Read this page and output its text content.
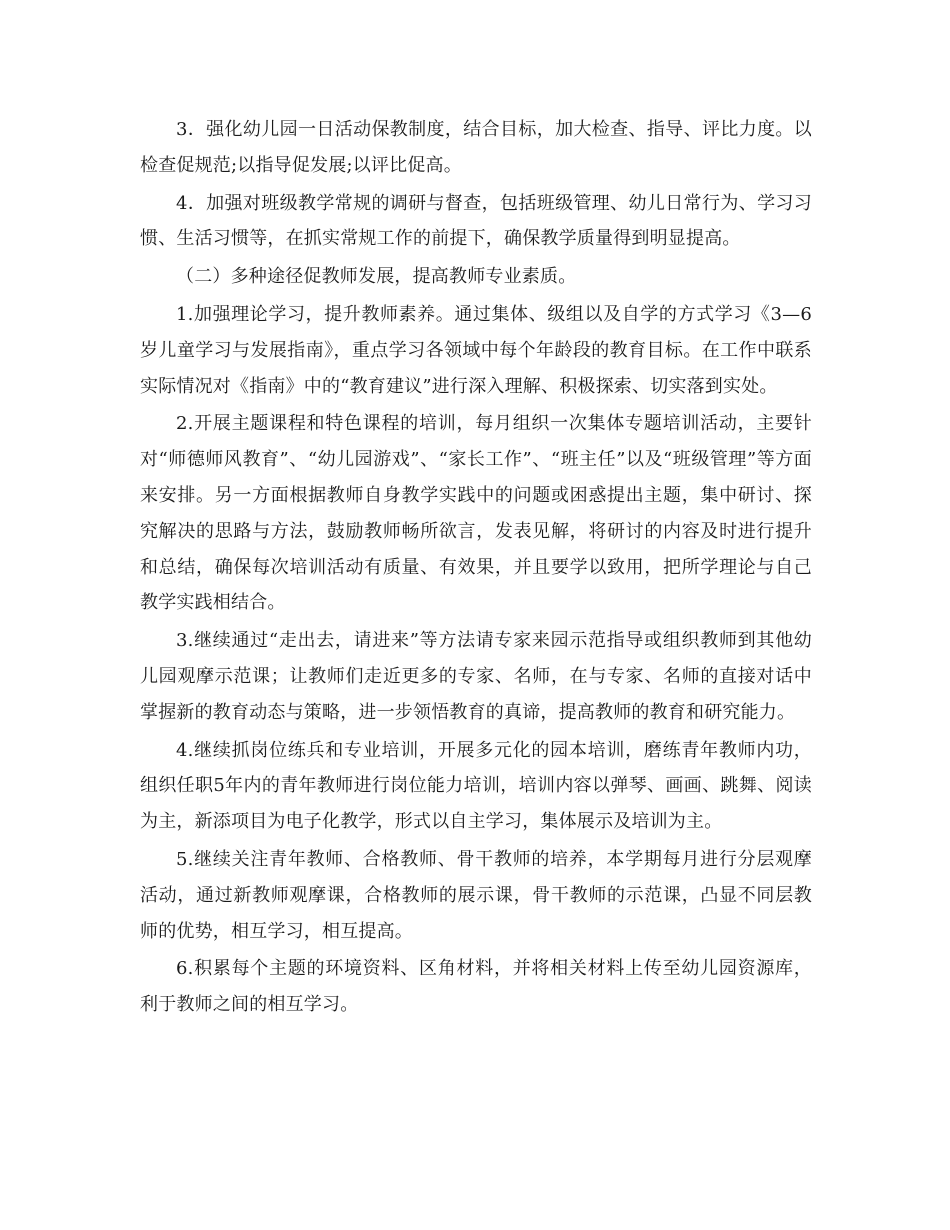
3．强化幼儿园一日活动保教制度，结合目标，加大检查、指导、评比力度。以检查促规范;以指导促发展;以评比促高。

4．加强对班级教学常规的调研与督查，包括班级管理、幼儿日常行为、学习习惯、生活习惯等，在抓实常规工作的前提下，确保教学质量得到明显提高。

（二）多种途径促教师发展，提高教师专业素质。

1.加强理论学习，提升教师素养。通过集体、级组以及自学的方式学习《3—6岁儿童学习与发展指南》，重点学习各领域中每个年龄段的教育目标。在工作中联系实际情况对《指南》中的“教育建议”进行深入理解、积极探索、切实落到实处。

2.开展主题课程和特色课程的培训，每月组织一次集体专题培训活动，主要针对“师德师风教育”、“幼儿园游戏”、“家长工作”、“班主任”以及“班级管理”等方面来安排。另一方面根据教师自身教学实践中的问题或困惑提出主题，集中研讨、探究解决的思路与方法，鼓励教师畅所欲言，发表见解，将研讨的内容及时进行提升和总结，确保每次培训活动有质量、有效果，并且要学以致用，把所学理论与自己教学实践相结合。

3.继续通过“走出去，请进来”等方法请专家来园示范指导或组织教师到其他幼儿园观摩示范课；让教师们走近更多的专家、名师，在与专家、名师的直接对话中掌握新的教育动态与策略，进一步领悟教育的真谛，提高教师的教育和研究能力。

4.继续抓岗位练兵和专业培训，开展多元化的园本培训，磨练青年教师内功，组织任职5年内的青年教师进行岗位能力培训，培训内容以弹琴、画画、跳舞、阅读为主，新添项目为电子化教学，形式以自主学习，集体展示及培训为主。

5.继续关注青年教师、合格教师、骨干教师的培养，本学期每月进行分层观摩活动，通过新教师观摩课，合格教师的展示课，骨干教师的示范课，凸显不同层教师的优势，相互学习，相互提高。

6.积累每个主题的环境资料、区角材料，并将相关材料上传至幼儿园资源库，利于教师之间的相互学习。
